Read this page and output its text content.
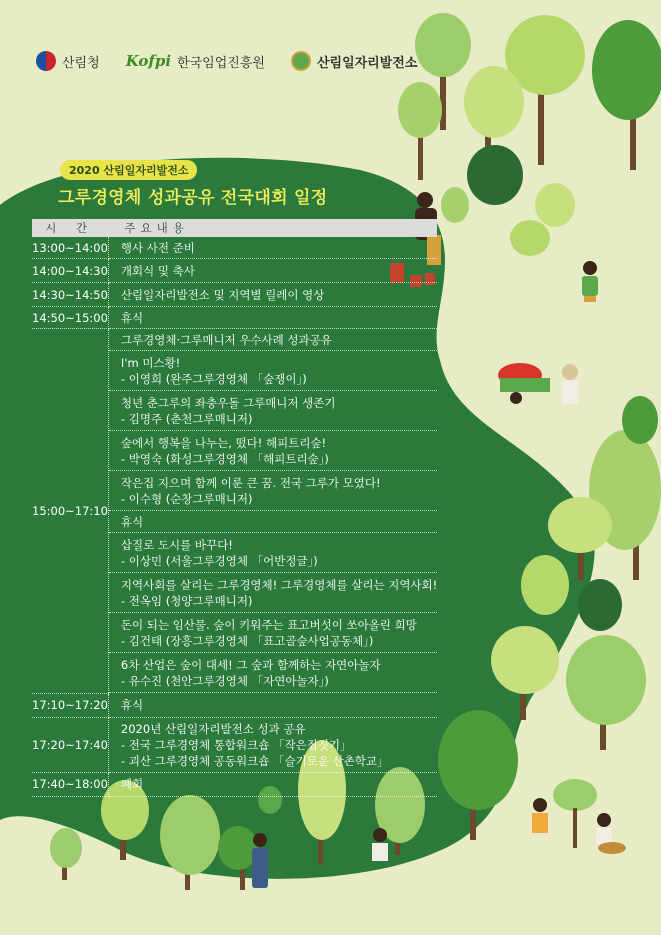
산림청 Kofpi 한국임업진흥원	산림일자리발전소
2020 산림일자리발전소
그루경영체 성과공유 전국대회 일정
시 간	주요내용
13:00~14:00	행사 사전 준비
14:00~14:30	개회식 및 축사
14:30~14:50	산림일자리발전소 및 지역별 릴레이 영상
14:50~15:00	휴식
15:00~17:10	그루경영체·그루매니저 우수사례 성과공유

	I'm 미스황!
- 이영희 (완주그루경영체 「숲쟁이」)

	청년 춘그루의 좌충우돌 그루매니저 생존기
- 김명주 (춘천그루매니저)

	숲에서 행복을 나누는, 떴다! 해피트리숲!
- 박영숙 (화성그루경영체 「해피트리숲」)

	작은집 지으며 함께 이룬 큰 꿈. 전국 그루가 모였다!
- 이수형 (순창그루매니저)

	휴식

	삽질로 도시를 바꾸다!
- 이상민 (서울그루경영체 「어반정글」)

	지역사회를 살리는 그루경영체! 그루경영체를 살리는 지역사회!
- 전옥임 (청양그루매니저)

	돈이 되는 임산물. 숲이 키워주는 표고버섯이 쏘아올린 희망
- 김건태 (장흥그루경영체 「표고골숲사업공동체」)

	6차 산업은 숲이 대세! 그 숲과 함께하는 자연아놀자
- 유수진 (천안그루경영체 「자연아놀자」)

17:10~17:20	휴식
17:20~17:40	2020년 산림일자리발전소 성과 공유
- 전국 그루경영체 통합워크숍 「작은집짓기」
- 괴산 그루경영체 공동워크숍 「슬기로운 산촌학교」

17:40~18:00	폐회
